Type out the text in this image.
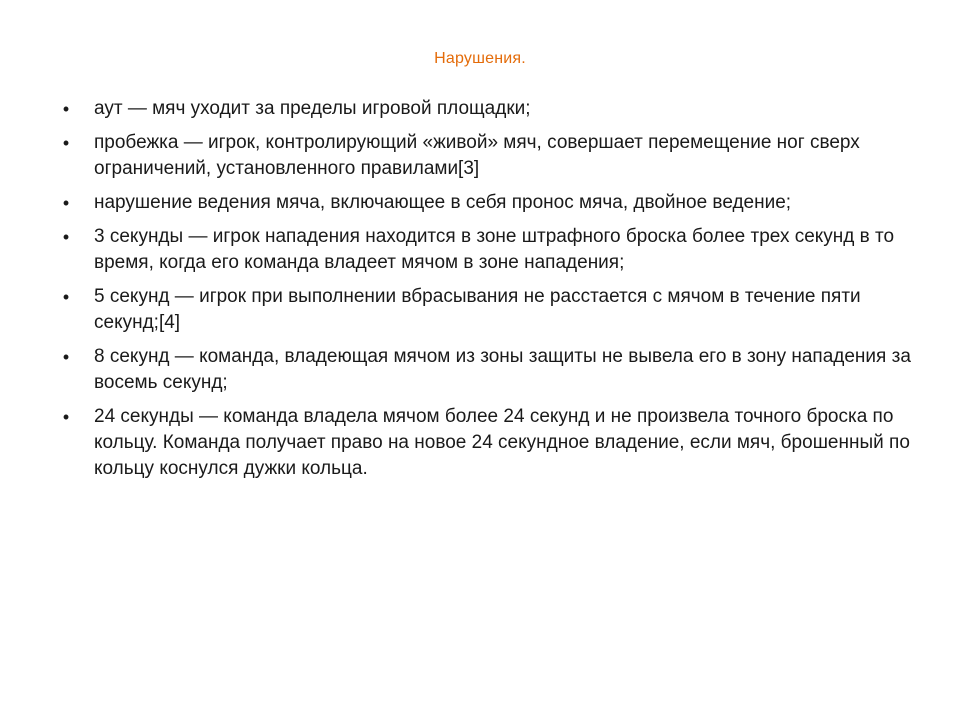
Нарушения.
•	аут — мяч уходит за пределы игровой площадки;
•	пробежка — игрок, контролирующий «живой» мяч, совершает перемещение ног сверх ограничений, установленного правилами[3]
•	нарушение ведения мяча, включающее в себя пронос мяча, двойное ведение;
•	3 секунды — игрок нападения находится в зоне штрафного броска более трех секунд в то время, когда его команда владеет мячом в зоне нападения;
•	5 секунд — игрок при выполнении вбрасывания не расстается с мячом в течение пяти секунд;[4]
•	8 секунд — команда, владеющая мячом из зоны защиты не вывела его в зону нападения за восемь секунд;
•	24 секунды — команда владела мячом более 24 секунд и не произвела точного броска по кольцу. Команда получает право на новое 24 секундное владение, если мяч, брошенный по кольцу коснулся дужки кольца.
